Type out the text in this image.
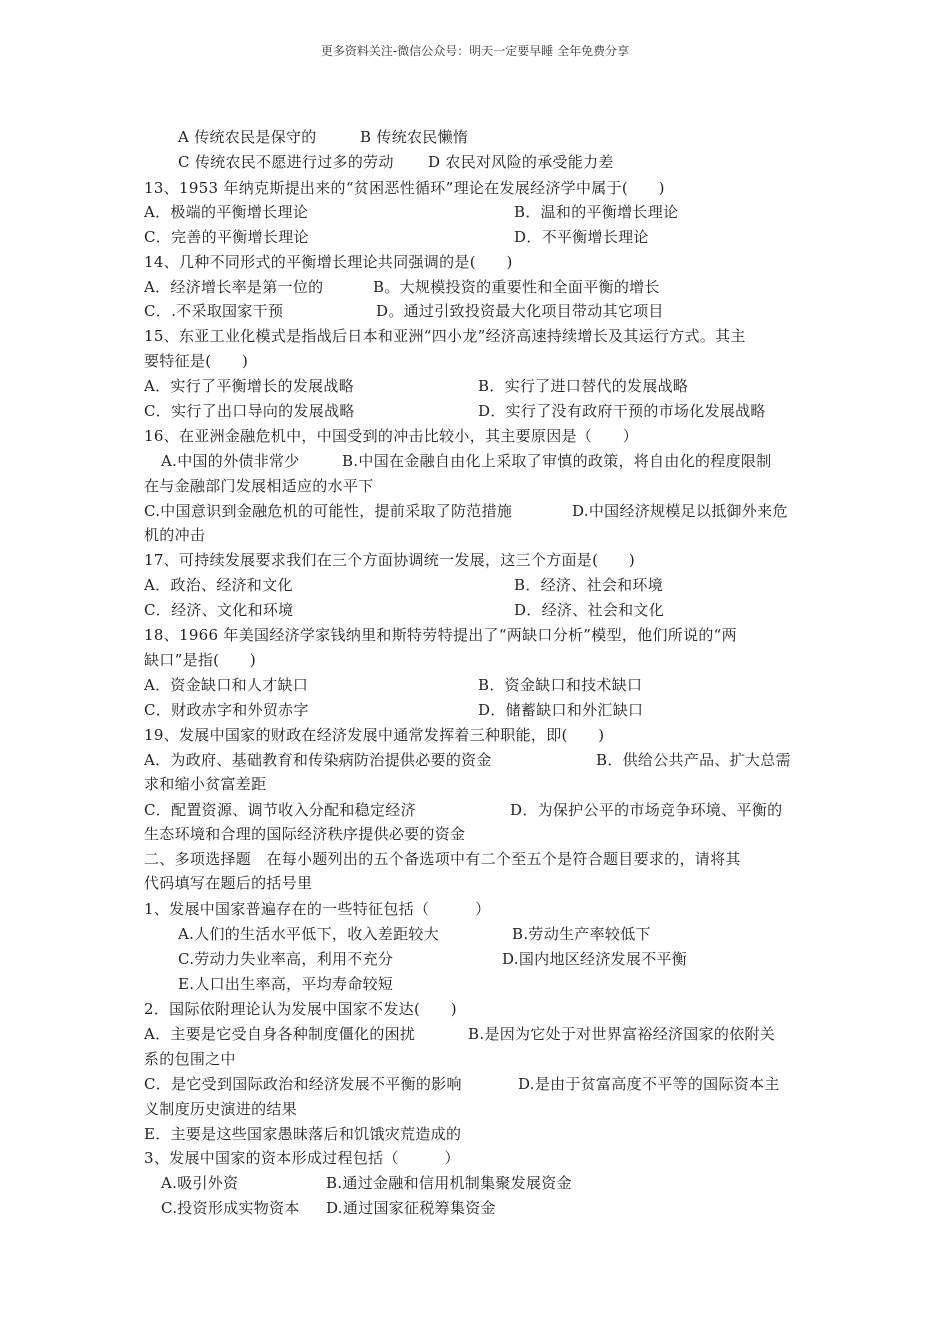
更多资料关注-微信公众号：明天一定要早睡 全年免费分享
A 传统农民是保守的	B 传统农民懒惰
C 传统农民不愿进行过多的劳动 D 农民对风险的承受能力差
13、1953 年纳克斯提出来的“贫困恶性循环”理论在发展经济学中属于(　　)
A．极端的平衡增长理论	B．温和的平衡增长理论
C．完善的平衡增长理论	D．不平衡增长理论
14、几种不同形式的平衡增长理论共同强调的是(　　)
A．经济增长率是第一位的	B。大规模投资的重要性和全面平衡的增长
C．.不采取国家干预	D。通过引致投资最大化项目带动其它项目
15、东亚工业化模式是指战后日本和亚洲“四小龙”经济高速持续增长及其运行方式。其主
要特征是(　　)
A．实行了平衡增长的发展战略	B．实行了进口替代的发展战略
C．实行了出口导向的发展战略	D．实行了没有政府干预的市场化发展战略
16、在亚洲金融危机中，中国受到的冲击比较小，其主要原因是（　　）
A.中国的外债非常少	B.中国在金融自由化上采取了审慎的政策，将自由化的程度限制
在与金融部门发展相适应的水平下
C.中国意识到金融危机的可能性，提前采取了防范措施	D.中国经济规模足以抵御外来危
机的冲击
17、可持续发展要求我们在三个方面协调统一发展，这三个方面是(　　)
A．政治、经济和文化	B．经济、社会和环境
C．经济、文化和环境	D．经济、社会和文化
18、1966 年美国经济学家钱纳里和斯特劳特提出了“两缺口分析”模型，他们所说的“两
缺口”是指(　　)
A．资金缺口和人才缺口	B．资金缺口和技术缺口
C．财政赤字和外贸赤字	D．储蓄缺口和外汇缺口
19、发展中国家的财政在经济发展中通常发挥着三种职能，即(　　)
A．为政府、基础教育和传染病防治提供必要的资金	B．供给公共产品、扩大总需
求和缩小贫富差距
C．配置资源、调节收入分配和稳定经济	D．为保护公平的市场竞争环境、平衡的
生态环境和合理的国际经济秩序提供必要的资金
二、多项选择题　在每小题列出的五个备选项中有二个至五个是符合题目要求的，请将其
代码填写在题后的括号里
1、发展中国家普遍存在的一些特征包括（　　　）
A.人们的生活水平低下，收入差距较大	B.劳动生产率较低下
C.劳动力失业率高，利用不充分	D.国内地区经济发展不平衡
E.人口出生率高，平均寿命较短
2．国际依附理论认为发展中国家不发达(　　)
A．主要是它受自身各种制度僵化的困扰	B.是因为它处于对世界富裕经济国家的依附关
系的包围之中
C．是它受到国际政治和经济发展不平衡的影响	D.是由于贫富高度不平等的国际资本主
义制度历史演进的结果
E．主要是这些国家愚昧落后和饥饿灾荒造成的
3、发展中国家的资本形成过程包括（　　　）
A.吸引外资	B.通过金融和信用机制集聚发展资金
C.投资形成实物资本 D.通过国家征税筹集资金
